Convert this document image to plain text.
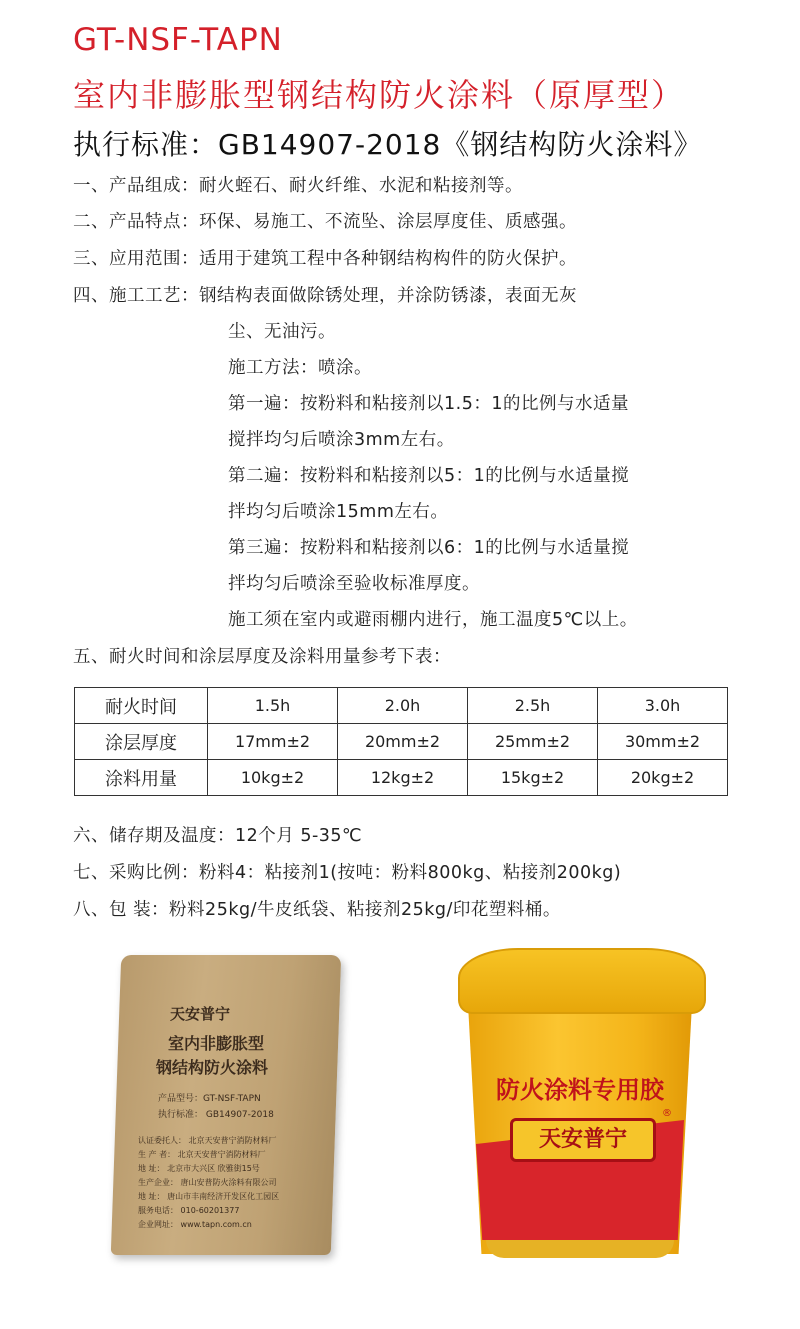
GT-NSF-TAPN
室内非膨胀型钢结构防火涂料（原厚型）
执行标准：GB14907-2018《钢结构防火涂料》
一、产品组成：耐火蛭石、耐火纤维、水泥和粘接剂等。
二、产品特点：环保、易施工、不流坠、涂层厚度佳、质感强。
三、应用范围：适用于建筑工程中各种钢结构构件的防火保护。
四、施工工艺：钢结构表面做除锈处理，并涂防锈漆，表面无灰
尘、无油污。
施工方法：喷涂。
第一遍：按粉料和粘接剂以1.5：1的比例与水适量
搅拌均匀后喷涂3mm左右。
第二遍：按粉料和粘接剂以5：1的比例与水适量搅
拌均匀后喷涂15mm左右。
第三遍：按粉料和粘接剂以6：1的比例与水适量搅
拌均匀后喷涂至验收标准厚度。
施工须在室内或避雨棚内进行，施工温度5℃以上。
五、耐火时间和涂层厚度及涂料用量参考下表：
耐火时间	1.5h	2.0h	2.5h	3.0h
涂层厚度	17mm±2	20mm±2	25mm±2	30mm±2
涂料用量	10kg±2	12kg±2	15kg±2	20kg±2
六、储存期及温度：12个月 5-35℃
七、采购比例：粉料4：粘接剂1(按吨：粉料800kg、粘接剂200kg)
八、包 装：粉料25kg/牛皮纸袋、粘接剂25kg/印花塑料桶。
天安普宁
室内非膨胀型
钢结构防火涂料
产品型号：GT-NSF-TAPN
执行标准： GB14907-2018
认证委托人： 北京天安普宁消防材料厂
生 产 者： 北京天安普宁消防材料厂
地 址： 北京市大兴区 欣雅街15号
生产企业： 唐山安普防火涂料有限公司
地 址： 唐山市丰南经济开发区化工园区
服务电话： 010-60201377
企业网址： www.tapn.com.cn
防火涂料专用胶
天安普宁
®
